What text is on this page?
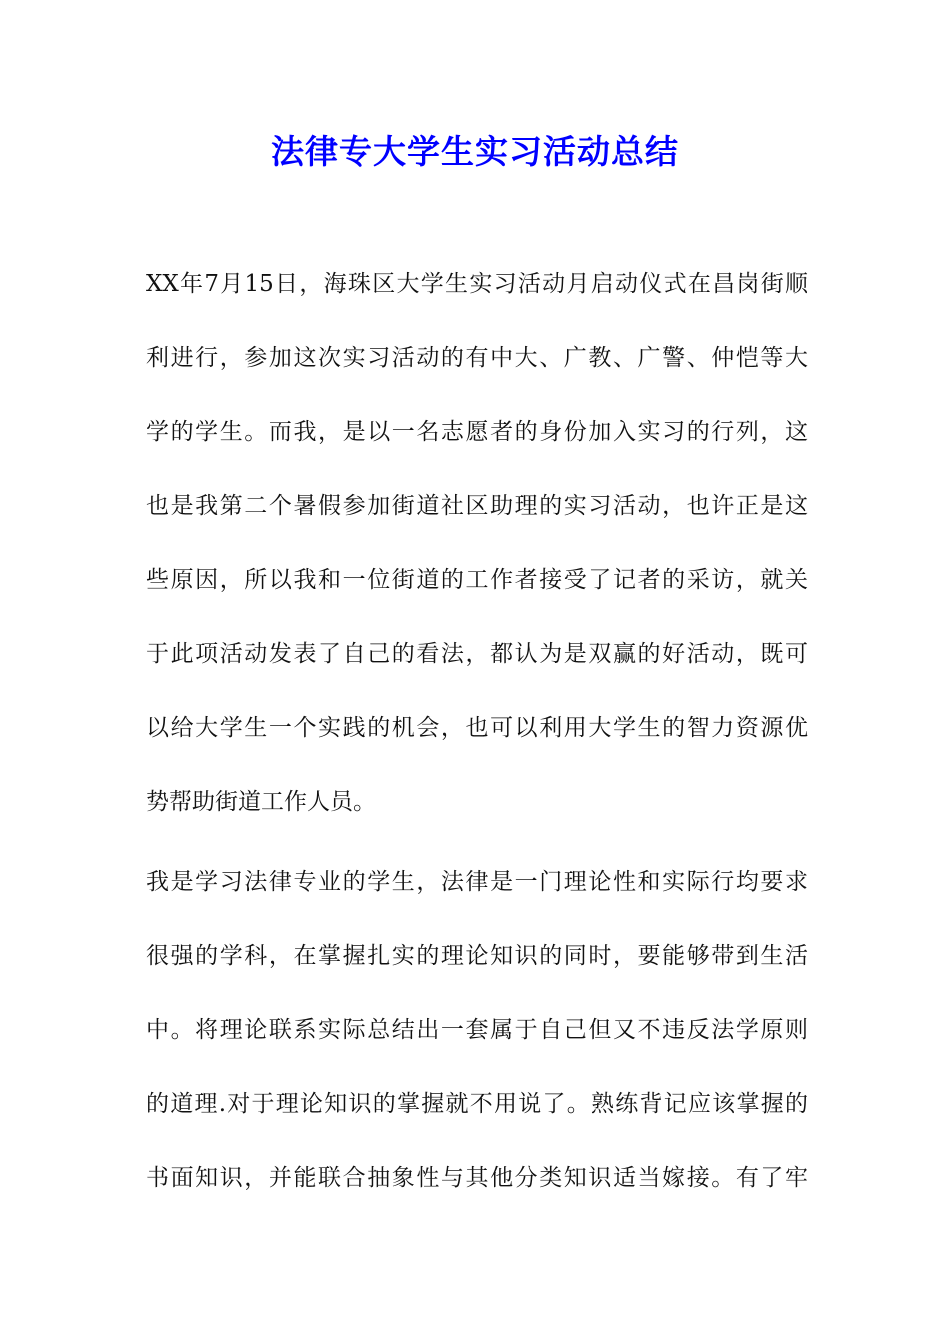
法律专大学生实习活动总结
XX年7月15日，海珠区大学生实习活动月启动仪式在昌岗街顺
利进行，参加这次实习活动的有中大、广教、广警、仲恺等大
学的学生。而我，是以一名志愿者的身份加入实习的行列，这
也是我第二个暑假参加街道社区助理的实习活动，也许正是这
些原因，所以我和一位街道的工作者接受了记者的采访，就关
于此项活动发表了自己的看法，都认为是双赢的好活动，既可
以给大学生一个实践的机会，也可以利用大学生的智力资源优
势帮助街道工作人员。
我是学习法律专业的学生，法律是一门理论性和实际行均要求
很强的学科，在掌握扎实的理论知识的同时，要能够带到生活
中。将理论联系实际总结出一套属于自己但又不违反法学原则
的道理.对于理论知识的掌握就不用说了。熟练背记应该掌握的
书面知识，并能联合抽象性与其他分类知识适当嫁接。有了牢
